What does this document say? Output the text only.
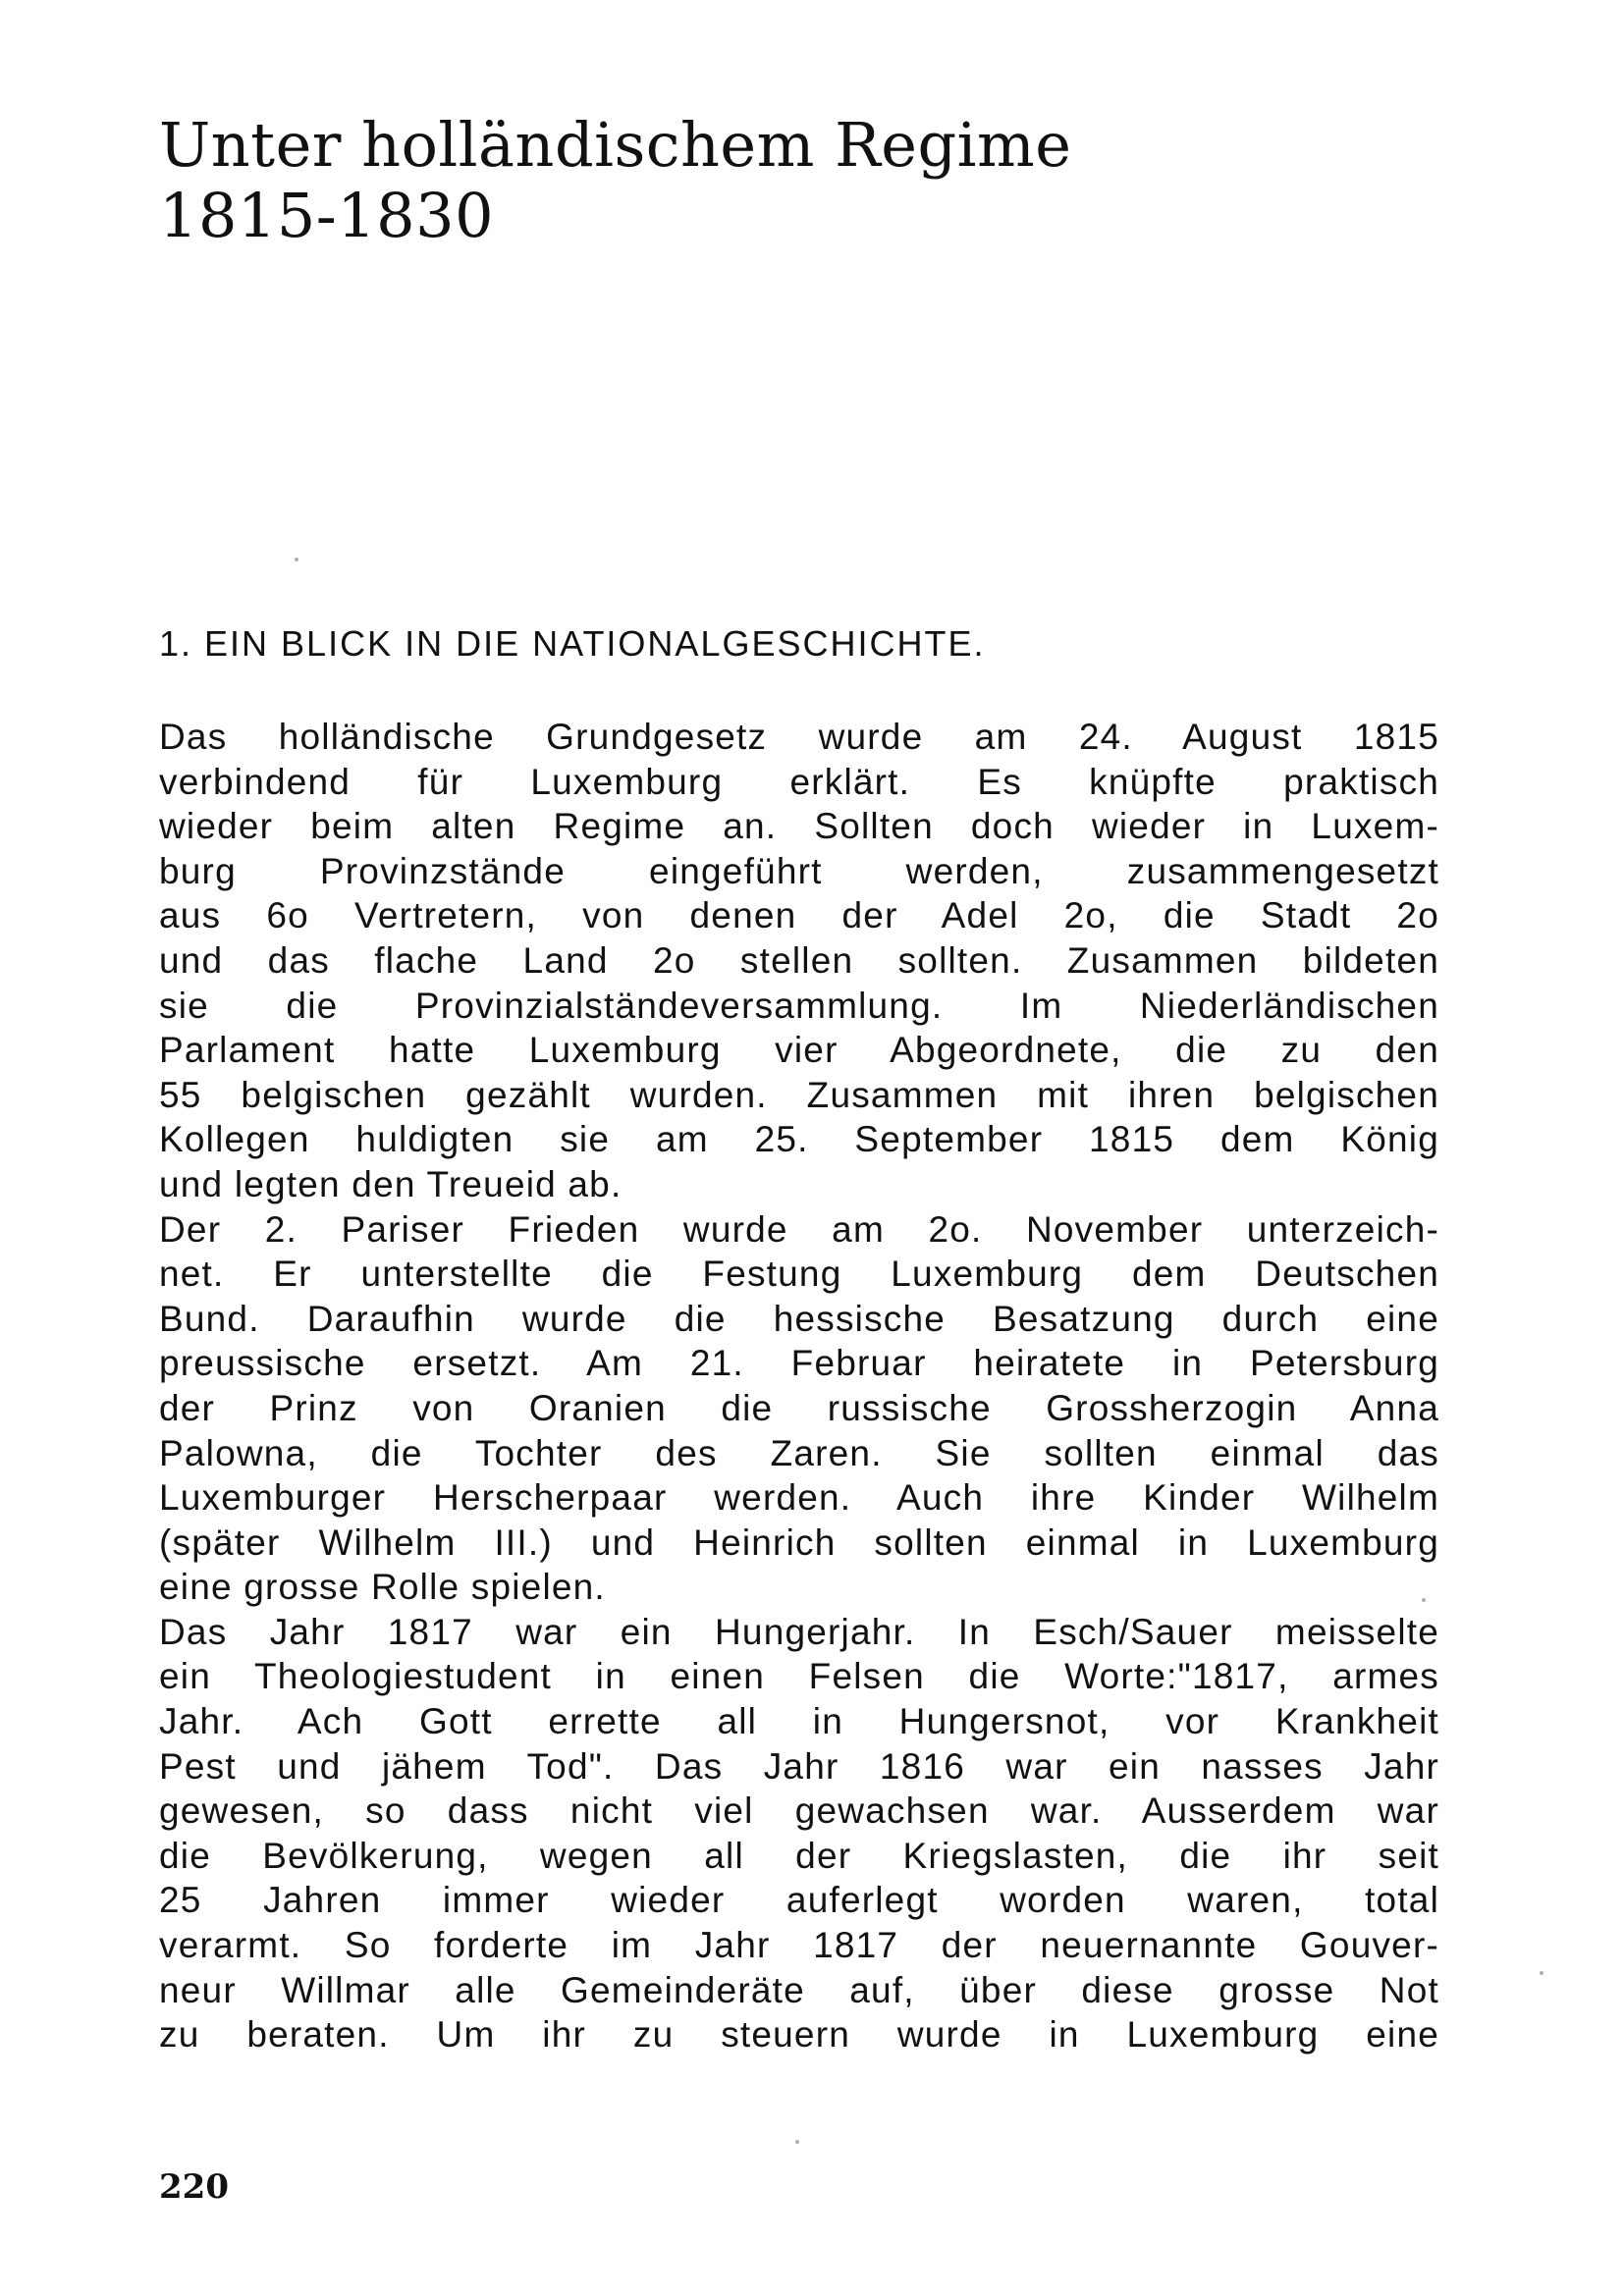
Unter holländischem Regime
1815-1830
1. EIN BLICK IN DIE NATIONALGESCHICHTE.
Das holländische Grundgesetz wurde am 24. August 1815
verbindend für Luxemburg erklärt. Es knüpfte praktisch
wieder beim alten Regime an. Sollten doch wieder in Luxem-
burg Provinzstände eingeführt werden, zusammengesetzt
aus 6o Vertretern, von denen der Adel 2o, die Stadt 2o
und das flache Land 2o stellen sollten. Zusammen bildeten
sie die Provinzialständeversammlung. Im Niederländischen
Parlament hatte Luxemburg vier Abgeordnete, die zu den
55 belgischen gezählt wurden. Zusammen mit ihren belgischen
Kollegen huldigten sie am 25. September 1815 dem König
und legten den Treueid ab.
Der 2. Pariser Frieden wurde am 2o. November unterzeich-
net. Er unterstellte die Festung Luxemburg dem Deutschen
Bund. Daraufhin wurde die hessische Besatzung durch eine
preussische ersetzt. Am 21. Februar heiratete in Petersburg
der Prinz von Oranien die russische Grossherzogin Anna
Palowna, die Tochter des Zaren. Sie sollten einmal das
Luxemburger Herscherpaar werden. Auch ihre Kinder Wilhelm
(später Wilhelm III.) und Heinrich sollten einmal in Luxemburg
eine grosse Rolle spielen.
Das Jahr 1817 war ein Hungerjahr. In Esch/Sauer meisselte
ein Theologiestudent in einen Felsen die Worte:"1817, armes
Jahr. Ach Gott errette all in Hungersnot, vor Krankheit
Pest und jähem Tod". Das Jahr 1816 war ein nasses Jahr
gewesen, so dass nicht viel gewachsen war. Ausserdem war
die Bevölkerung, wegen all der Kriegslasten, die ihr seit
25 Jahren immer wieder auferlegt worden waren, total
verarmt. So forderte im Jahr 1817 der neuernannte Gouver-
neur Willmar alle Gemeinderäte auf, über diese grosse Not
zu beraten. Um ihr zu steuern wurde in Luxemburg eine
220
